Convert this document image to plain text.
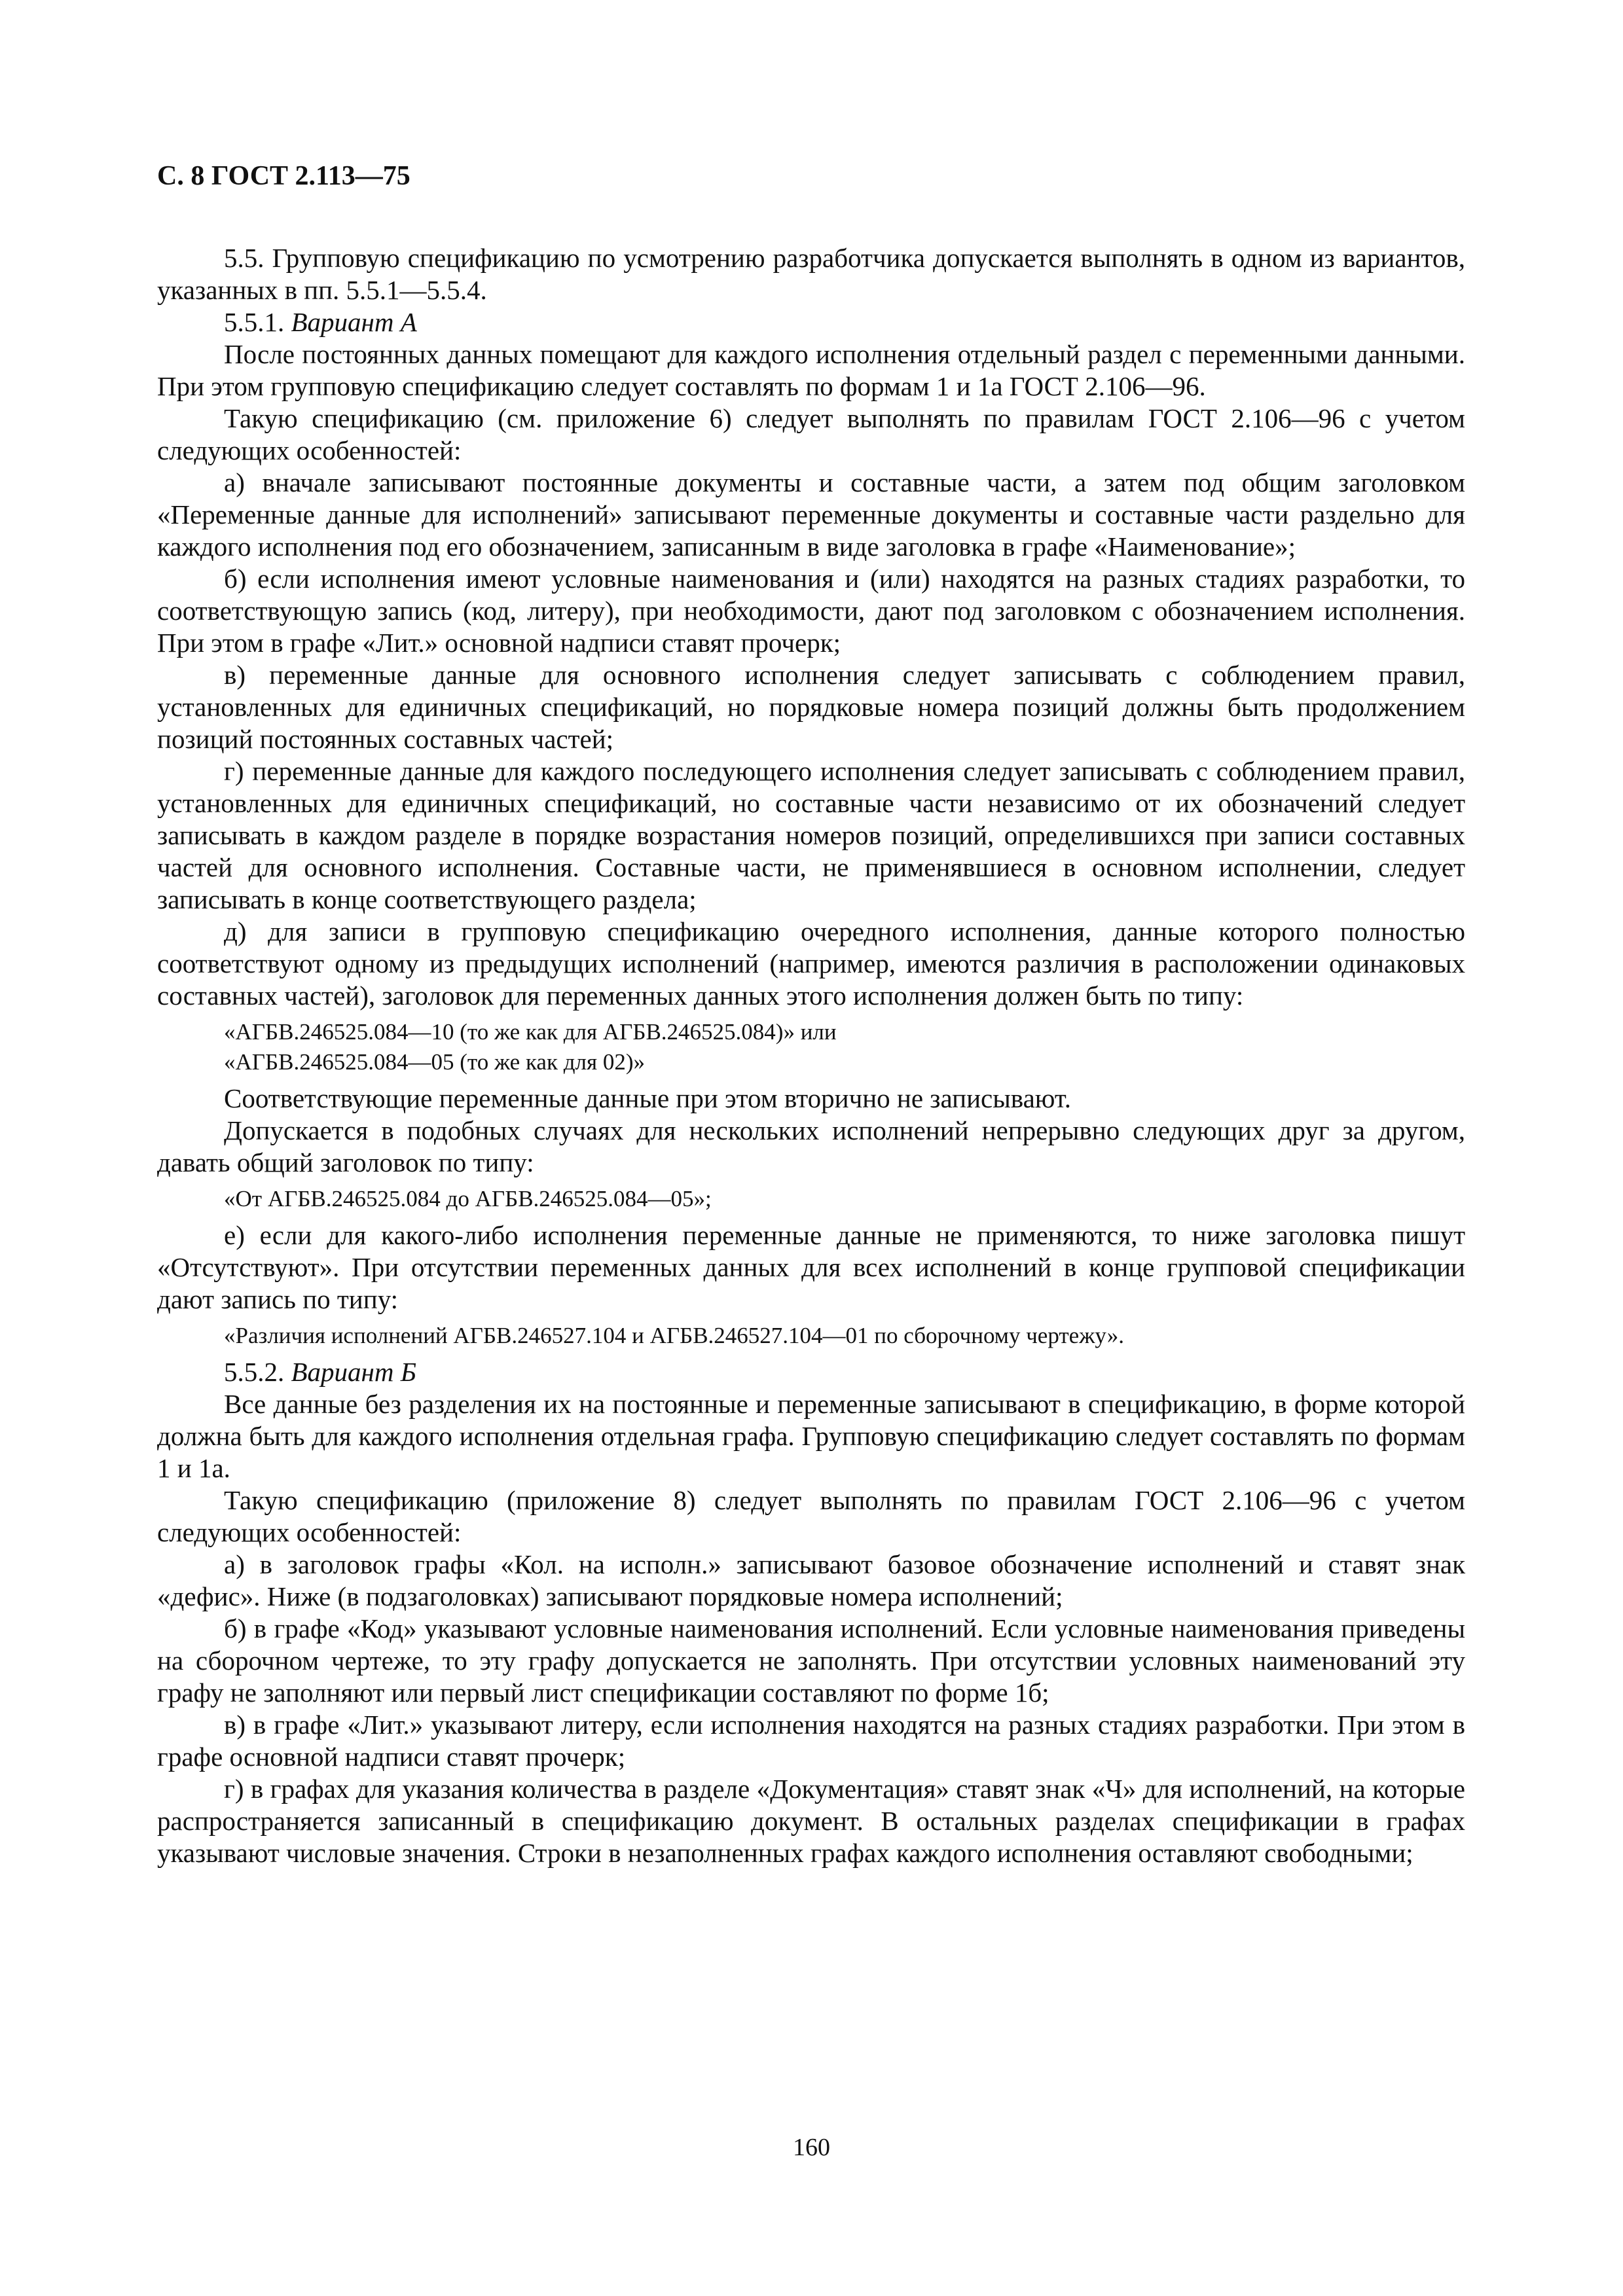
С. 8 ГОСТ 2.113—75

5.5. Групповую спецификацию по усмотрению разработчика допускается выполнять в одном из вариантов, указанных в пп. 5.5.1—5.5.4.

5.5.1. Вариант А

После постоянных данных помещают для каждого исполнения отдельный раздел с переменными данными. При этом групповую спецификацию следует составлять по формам 1 и 1а ГОСТ 2.106—96.

Такую спецификацию (см. приложение 6) следует выполнять по правилам ГОСТ 2.106—96 с учетом следующих особенностей:

а) вначале записывают постоянные документы и составные части, а затем под общим заголовком «Переменные данные для исполнений» записывают переменные документы и составные части раздельно для каждого исполнения под его обозначением, записанным в виде заголовка в графе «Наименование»;

б) если исполнения имеют условные наименования и (или) находятся на разных стадиях разработки, то соответствующую запись (код, литеру), при необходимости, дают под заголовком с обозначением исполнения. При этом в графе «Лит.» основной надписи ставят прочерк;

в) переменные данные для основного исполнения следует записывать с соблюдением правил, установленных для единичных спецификаций, но порядковые номера позиций должны быть продолжением позиций постоянных составных частей;

г) переменные данные для каждого последующего исполнения следует записывать с соблюдением правил, установленных для единичных спецификаций, но составные части независимо от их обозначений следует записывать в каждом разделе в порядке возрастания номеров позиций, определившихся при записи составных частей для основного исполнения. Составные части, не применявшиеся в основном исполнении, следует записывать в конце соответствующего раздела;

д) для записи в групповую спецификацию очередного исполнения, данные которого полностью соответствуют одному из предыдущих исполнений (например, имеются различия в расположении одинаковых составных частей), заголовок для переменных данных этого исполнения должен быть по типу:

«АГБВ.246525.084—10 (то же как для АГБВ.246525.084)» или

«АГБВ.246525.084—05 (то же как для 02)»

Соответствующие переменные данные при этом вторично не записывают.

Допускается в подобных случаях для нескольких исполнений непрерывно следующих друг за другом, давать общий заголовок по типу:

«От АГБВ.246525.084 до АГБВ.246525.084—05»;

е) если для какого-либо исполнения переменные данные не применяются, то ниже заголовка пишут «Отсутствуют». При отсутствии переменных данных для всех исполнений в конце групповой спецификации дают запись по типу:

«Различия исполнений АГБВ.246527.104 и АГБВ.246527.104—01 по сборочному чертежу».

5.5.2. Вариант Б

Все данные без разделения их на постоянные и переменные записывают в спецификацию, в форме которой должна быть для каждого исполнения отдельная графа. Групповую спецификацию следует составлять по формам 1 и 1а.

Такую спецификацию (приложение 8) следует выполнять по правилам ГОСТ 2.106—96 с учетом следующих особенностей:

а) в заголовок графы «Кол. на исполн.» записывают базовое обозначение исполнений и ставят знак «дефис». Ниже (в подзаголовках) записывают порядковые номера исполнений;

б) в графе «Код» указывают условные наименования исполнений. Если условные наименования приведены на сборочном чертеже, то эту графу допускается не заполнять. При отсутствии условных наименований эту графу не заполняют или первый лист спецификации составляют по форме 1б;

в) в графе «Лит.» указывают литеру, если исполнения находятся на разных стадиях разработки. При этом в графе основной надписи ставят прочерк;

г) в графах для указания количества в разделе «Документация» ставят знак «Ч» для исполнений, на которые распространяется записанный в спецификацию документ. В остальных разделах спецификации в графах указывают числовые значения. Строки в незаполненных графах каждого исполнения оставляют свободными;

160
